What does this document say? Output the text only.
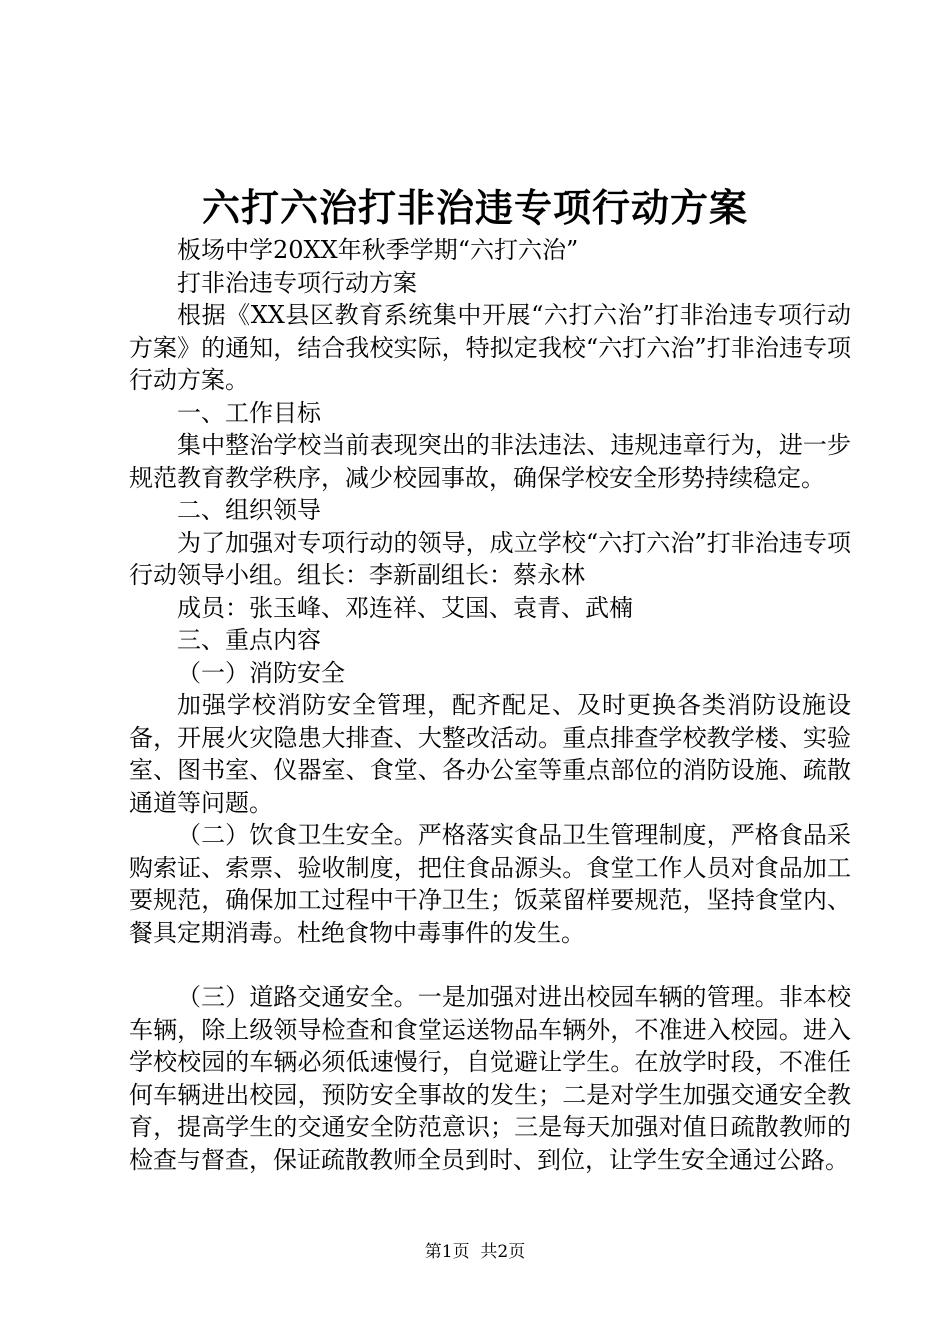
六打六治打非治违专项行动方案

板场中学20XX年秋季学期“六打六治”

打非治违专项行动方案

根据《XX县区教育系统集中开展“六打六治”打非治违专项行动方案》的通知，结合我校实际，特拟定我校“六打六治”打非治违专项行动方案。

一、工作目标

集中整治学校当前表现突出的非法违法、违规违章行为，进一步规范教育教学秩序，减少校园事故，确保学校安全形势持续稳定。

二、组织领导

为了加强对专项行动的领导，成立学校“六打六治”打非治违专项行动领导小组。组长：李新副组长：蔡永林

成员：张玉峰、邓连祥、艾国、袁青、武楠

三、重点内容

（一）消防安全

加强学校消防安全管理，配齐配足、及时更换各类消防设施设备，开展火灾隐患大排查、大整改活动。重点排查学校教学楼、实验室、图书室、仪器室、食堂、各办公室等重点部位的消防设施、疏散通道等问题。

（二）饮食卫生安全。严格落实食品卫生管理制度，严格食品采购索证、索票、验收制度，把住食品源头。食堂工作人员对食品加工要规范，确保加工过程中干净卫生；饭菜留样要规范，坚持食堂内、餐具定期消毒。杜绝食物中毒事件的发生。

（三）道路交通安全。一是加强对进出校园车辆的管理。非本校车辆，除上级领导检查和食堂运送物品车辆外，不准进入校园。进入学校校园的车辆必须低速慢行，自觉避让学生。在放学时段，不准任何车辆进出校园，预防安全事故的发生；二是对学生加强交通安全教育，提高学生的交通安全防范意识；三是每天加强对值日疏散教师的检查与督查，保证疏散教师全员到时、到位，让学生安全通过公路。

第1页 共2页
